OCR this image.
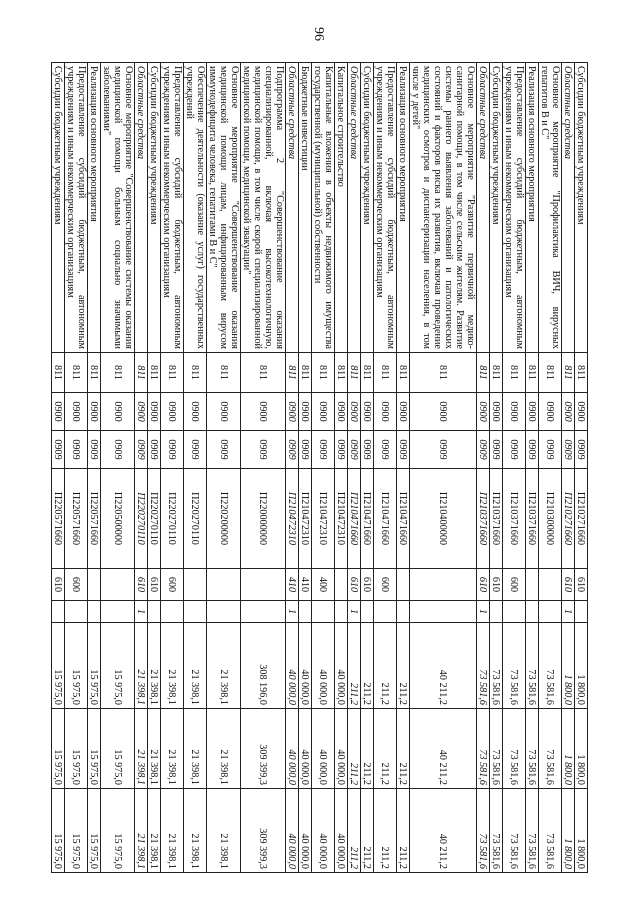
96
Субсидии бюджетным учреждениям	811	0900	0909	П210271660	610		1 800,0	1 800,0	1 800,0
Областные средства	811	0900	0909	П210271660	610	1	1 800,0	1 800,0	1 800,0
Основное мероприятие "Профилактика ВИЧ, вирусных гепатитов В и С"	811	0900	0909	П210300000			73 581,6	73 581,6	73 581,6
Реализация основного мероприятия	811	0900	0909	П210371660			73 581,6	73 581,6	73 581,6
Предоставление субсидий бюджетным, автономным учреждениям и иным некоммерческим организациям	811	0900	0909	П210371660	600		73 581,6	73 581,6	73 581,6
Субсидии бюджетным учреждениям	811	0900	0909	П210371660	610		73 581,6	73 581,6	73 581,6
Областные средства	811	0900	0909	П210371660	610	1	73 581,6	73 581,6	73 581,6
Основное мероприятие "Развитие первичной медико-санитарной помощи, в том числе сельским жителям. Развитие системы раннего выявления заболеваний и патологических состояний и факторов риска их развития, включая проведение медицинских осмотров и диспансеризации населения, в том числе у детей"	811	0900	0909	П210400000			40 211,2	40 211,2	40 211,2
Реализация основного мероприятия	811	0900	0909	П210471660			211,2	211,2	211,2
Предоставление субсидий бюджетным, автономным учреждениям и иным некоммерческим организациям	811	0900	0909	П210471660	600		211,2	211,2	211,2
Субсидии бюджетным учреждениям	811	0900	0909	П210471660	610		211,2	211,2	211,2
Областные средства	811	0900	0909	П210471660	610	1	211,2	211,2	211,2
Капитальное строительство	811	0900	0909	П210472310			40 000,0	40 000,0	40 000,0
Капитальные вложения в объекты недвижимого имущества государственной (муниципальной) собственности	811	0900	0909	П210472310	400		40 000,0	40 000,0	40 000,0
Бюджетные инвестиции	811	0900	0909	П210472310	410		40 000,0	40 000,0	40 000,0
Областные средства	811	0900	0909	П210472310	410	1	40 000,0	40 000,0	40 000,0
Подпрограмма 2 "Совершенствование оказания специализированной, включая высокотехнологичную, медицинской помощи, в том числе скорой специализированной медицинской помощи, медицинской эвакуации"	811	0900	0909	П220000000			308 196,0	309 399,3	309 399,3
Основное мероприятие "Совершенствование оказания медицинской помощи лицам, инфицированным вирусом иммунодефицита человека, гепатитами В и С"	811	0900	0909	П220200000			21 398,1	21 398,1	21 398,1
Обеспечение деятельности (оказание услуг) государственных учреждений	811	0900	0909	П220270110			21 398,1	21 398,1	21 398,1
Предоставление субсидий бюджетным, автономным учреждениям и иным некоммерческим организациям	811	0900	0909	П220270110	600		21 398,1	21 398,1	21 398,1
Субсидии бюджетным учреждениям	811	0900	0909	П220270110	610		21 398,1	21 398,1	21 398,1
Областные средства	811	0900	0909	П220270110	610	1	21 398,1	21 398,1	21 398,1
Основное мероприятие "Совершенствование системы оказания медицинской помощи больным социально значимыми заболеваниями"	811	0900	0909	П220500000			15 975,0	15 975,0	15 975,0
Реализация основного мероприятия	811	0900	0909	П220571660			15 975,0	15 975,0	15 975,0
Предоставление субсидий бюджетным, автономным учреждениям и иным некоммерческим организациям	811	0900	0909	П220571660	600		15 975,0	15 975,0	15 975,0
Субсидии бюджетным учреждениям	811	0900	0909	П220571660	610		15 975,0	15 975,0	15 975,0
